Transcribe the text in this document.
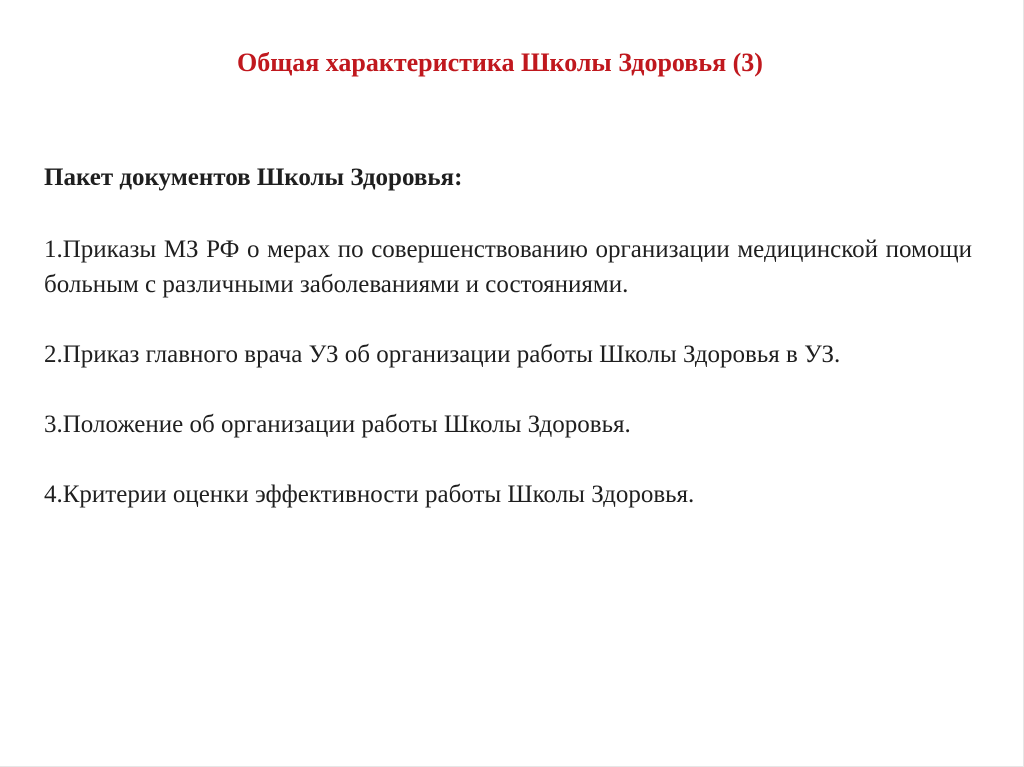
Общая характеристика Школы Здоровья (3)

Пакет документов Школы Здоровья:

1.Приказы МЗ РФ о мерах по совершенствованию организации медицинской помощи больным с различными заболеваниями и состояниями.

2.Приказ главного врача УЗ об организации работы Школы Здоровья в УЗ.

3.Положение об организации работы Школы Здоровья.

4.Критерии оценки эффективности работы Школы Здоровья.
